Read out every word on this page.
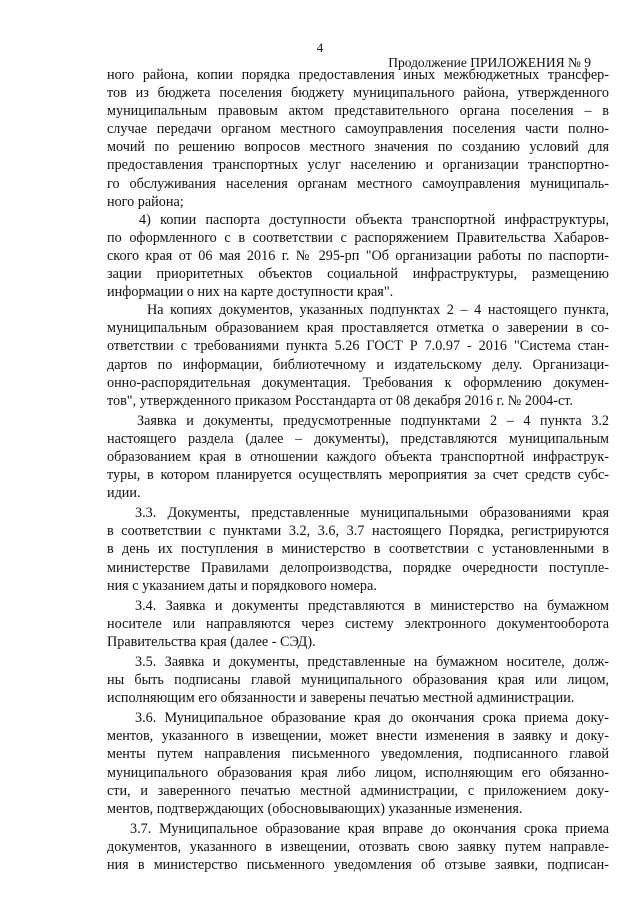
4
Продолжение ПРИЛОЖЕНИЯ № 9
ного района, копии порядка предоставления иных межбюджетных трансфер-
тов из бюджета поселения бюджету муниципального района, утвержденного
муниципальным правовым актом представительного органа поселения – в
случае передачи органом местного самоуправления поселения части полно-
мочий по решению вопросов местного значения по созданию условий для
предоставления транспортных услуг населению и организации транспортно-
го обслуживания населения органам местного самоуправления муниципаль-
ного района;
4) копии паспорта доступности объекта транспортной инфраструктуры,
по оформленного с в соответствии с распоряжением Правительства Хабаров-
ского края от 06 мая 2016 г. № 295-рп "Об организации работы по паспорти-
зации приоритетных объектов социальной инфраструктуры, размещению
информации о них на карте доступности края".
На копиях документов, указанных подпунктах 2 – 4 настоящего пункта,
муниципальным образованием края проставляется отметка о заверении в со-
ответствии с требованиями пункта 5.26 ГОСТ Р 7.0.97 - 2016 "Система стан-
дартов по информации, библиотечному и издательскому делу. Организаци-
онно-распорядительная документация. Требования к оформлению докумен-
тов", утвержденного приказом Росстандарта от 08 декабря 2016 г. № 2004-ст.
Заявка и документы, предусмотренные подпунктами 2 – 4 пункта 3.2
настоящего раздела (далее – документы), представляются муниципальным
образованием края в отношении каждого объекта транспортной инфраструк-
туры, в котором планируется осуществлять мероприятия за счет средств субс-
идии.
3.3. Документы, представленные муниципальными образованиями края
в соответствии с пунктами 3.2, 3.6, 3.7 настоящего Порядка, регистрируются
в день их поступления в министерство в соответствии с установленными в
министерстве Правилами делопроизводства, порядке очередности поступле-
ния с указанием даты и порядкового номера.
3.4. Заявка и документы представляются в министерство на бумажном
носителе или направляются через систему электронного документооборота
Правительства края (далее - СЭД).
3.5. Заявка и документы, представленные на бумажном носителе, долж-
ны быть подписаны главой муниципального образования края или лицом,
исполняющим его обязанности и заверены печатью местной администрации.
3.6. Муниципальное образование края до окончания срока приема доку-
ментов, указанного в извещении, может внести изменения в заявку и доку-
менты путем направления письменного уведомления, подписанного главой
муниципального образования края либо лицом, исполняющим его обязанно-
сти, и заверенного печатью местной администрации, с приложением доку-
ментов, подтверждающих (обосновывающих) указанные изменения.
3.7. Муниципальное образование края вправе до окончания срока приема
документов, указанного в извещении, отозвать свою заявку путем направле-
ния в министерство письменного уведомления об отзыве заявки, подписан-
